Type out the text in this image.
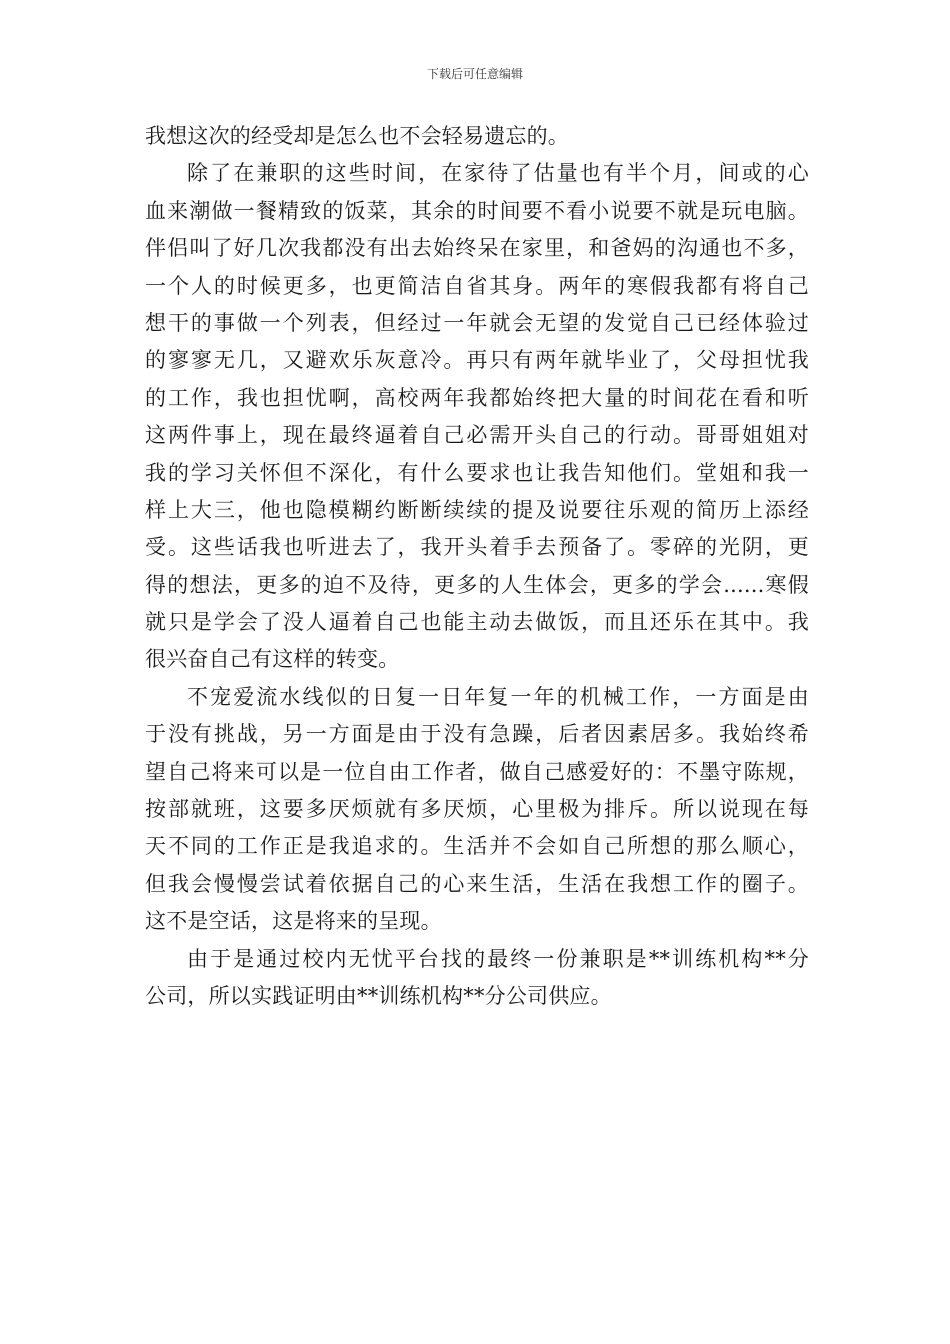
下载后可任意编辑
我想这次的经受却是怎么也不会轻易遗忘的。
除了在兼职的这些时间，在家待了估量也有半个月，间或的心
血来潮做一餐精致的饭菜，其余的时间要不看小说要不就是玩电脑。
伴侣叫了好几次我都没有出去始终呆在家里，和爸妈的沟通也不多，
一个人的时候更多，也更简洁自省其身。两年的寒假我都有将自己
想干的事做一个列表，但经过一年就会无望的发觉自己已经体验过
的寥寥无几，又避欢乐灰意冷。再只有两年就毕业了，父母担忧我
的工作，我也担忧啊，高校两年我都始终把大量的时间花在看和听
这两件事上，现在最终逼着自己必需开头自己的行动。哥哥姐姐对
我的学习关怀但不深化，有什么要求也让我告知他们。堂姐和我一
样上大三，他也隐模糊约断断续续的提及说要往乐观的简历上添经
受。这些话我也听进去了，我开头着手去预备了。零碎的光阴，更
得的想法，更多的迫不及待，更多的人生体会，更多的学会......寒假
就只是学会了没人逼着自己也能主动去做饭，而且还乐在其中。我
很兴奋自己有这样的转变。
不宠爱流水线似的日复一日年复一年的机械工作，一方面是由
于没有挑战，另一方面是由于没有急躁，后者因素居多。我始终希
望自己将来可以是一位自由工作者，做自己感爱好的：不墨守陈规，
按部就班，这要多厌烦就有多厌烦，心里极为排斥。所以说现在每
天不同的工作正是我追求的。生活并不会如自己所想的那么顺心，
但我会慢慢尝试着依据自己的心来生活，生活在我想工作的圈子。
这不是空话，这是将来的呈现。
由于是通过校内无忧平台找的最终一份兼职是**训练机构**分
公司，所以实践证明由**训练机构**分公司供应。
